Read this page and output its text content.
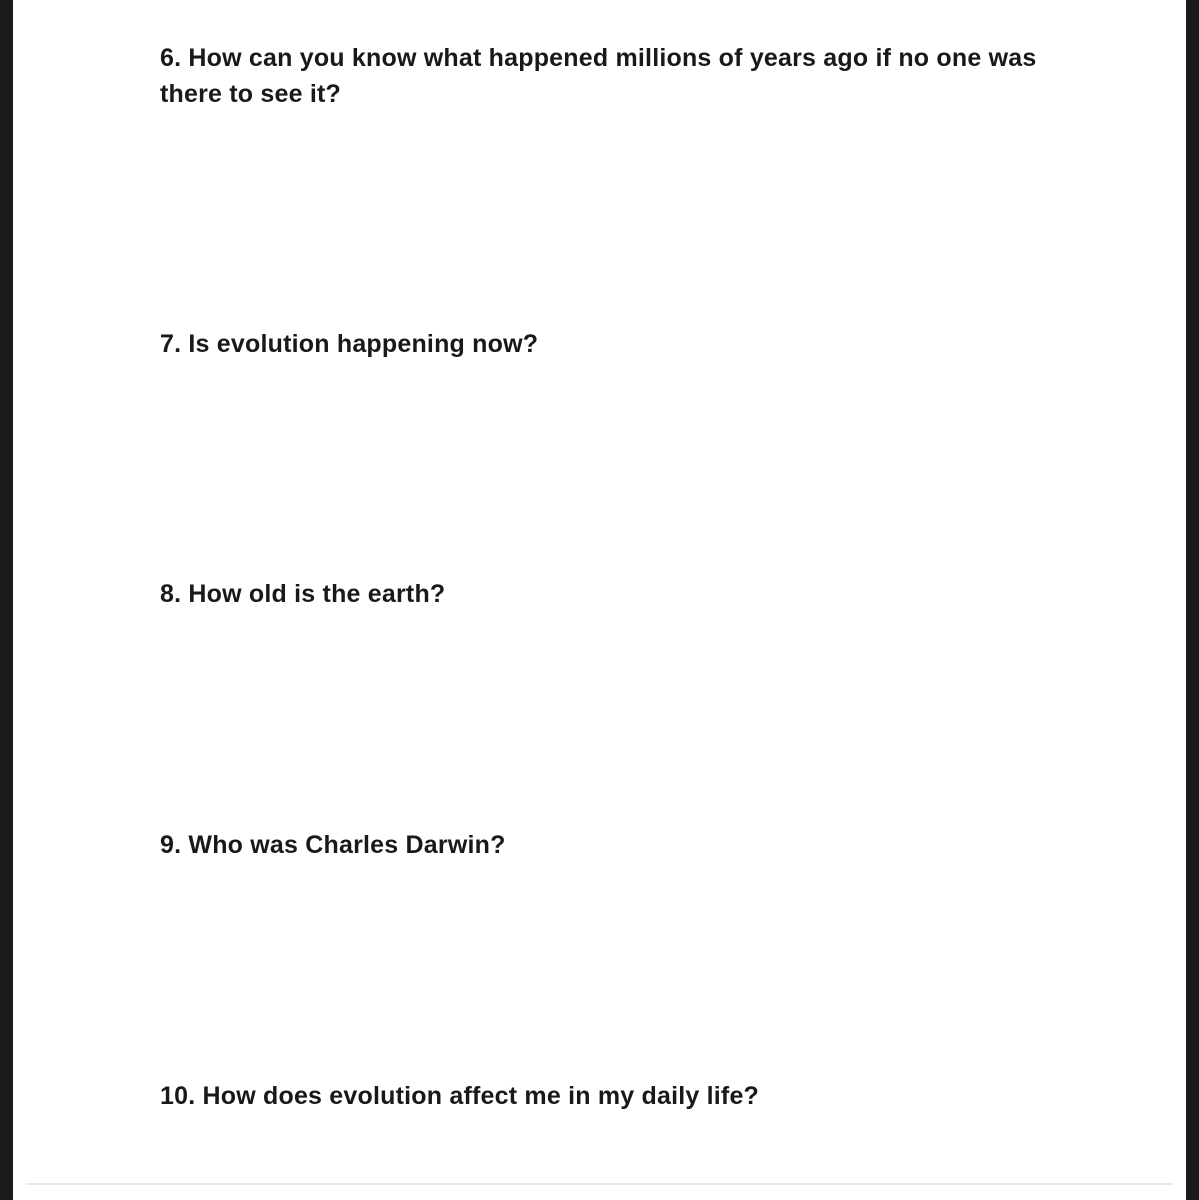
6. How can you know what happened millions of years ago if no one was there to see it?
7. Is evolution happening now?
8. How old is the earth?
9. Who was Charles Darwin?
10. How does evolution affect me in my daily life?
